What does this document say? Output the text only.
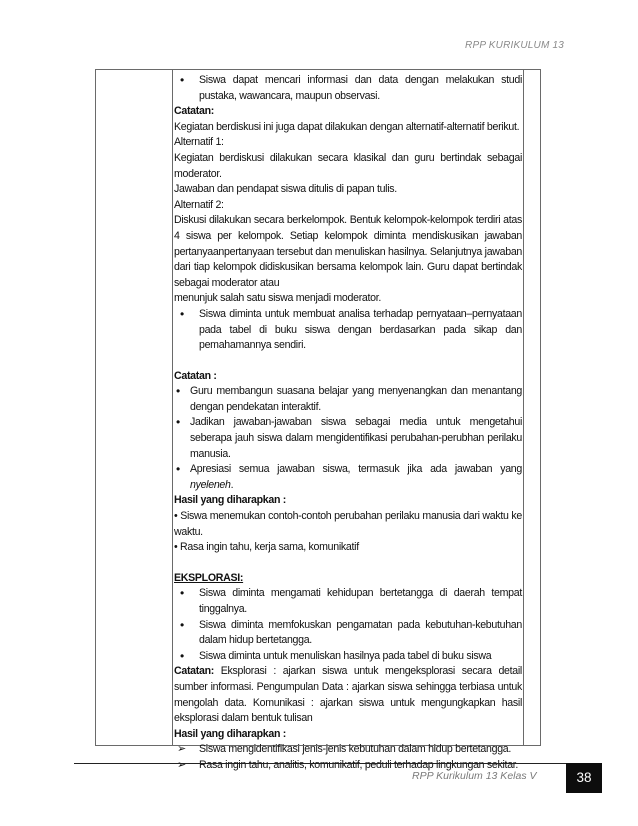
RPP KURIKULUM 13
• Siswa dapat mencari informasi dan data dengan melakukan studi pustaka, wawancara, maupun observasi.

Catatan:

Kegiatan berdiskusi ini juga dapat dilakukan dengan alternatif-alternatif berikut.

Alternatif 1:

Kegiatan berdiskusi dilakukan secara klasikal dan guru bertindak sebagai moderator.

Jawaban dan pendapat siswa ditulis di papan tulis.

Alternatif 2:

Diskusi dilakukan secara berkelompok. Bentuk kelompok-kelompok terdiri atas 4 siswa per kelompok. Setiap kelompok diminta mendiskusikan jawaban pertanyaanpertanyaan tersebut dan menuliskan hasilnya. Selanjutnya jawaban dari tiap kelompok didiskusikan bersama kelompok lain. Guru dapat bertindak sebagai moderator atau

menunjuk salah satu siswa menjadi moderator.

• Siswa diminta untuk membuat analisa terhadap pernyataan–pernyataan pada tabel di buku siswa dengan berdasarkan pada sikap dan pemahamannya sendiri.

Catatan :

• Guru membangun suasana belajar yang menyenangkan dan menantang dengan pendekatan interaktif.
• Jadikan jawaban-jawaban siswa sebagai media untuk mengetahui seberapa jauh siswa dalam mengidentifikasi perubahan-perubhan perilaku manusia.
• Apresiasi semua jawaban siswa, termasuk jika ada jawaban yang nyeleneh.

Hasil yang diharapkan :

• Siswa menemukan contoh-contoh perubahan perilaku manusia dari waktu ke waktu.

• Rasa ingin tahu, kerja sama, komunikatif

EKSPLORASI:

• Siswa diminta mengamati kehidupan bertetangga di daerah tempat tinggalnya.
• Siswa diminta memfokuskan pengamatan pada kebutuhan-kebutuhan dalam hidup bertetangga.
• Siswa diminta untuk menuliskan hasilnya pada tabel di buku siswa

Catatan: Eksplorasi : ajarkan siswa untuk mengeksplorasi secara detail sumber informasi. Pengumpulan Data : ajarkan siswa sehingga terbiasa untuk mengolah data. Komunikasi : ajarkan siswa untuk mengungkapkan hasil eksplorasi dalam bentuk tulisan

Hasil yang diharapkan :

➢ Siswa mengidentifikasi jenis-jenis kebutuhan dalam hidup bertetangga.
➢ Rasa ingin tahu, analitis, komunikatif, peduli terhadap lingkungan sekitar.
RPP Kurikulum 13 Kelas V	38
